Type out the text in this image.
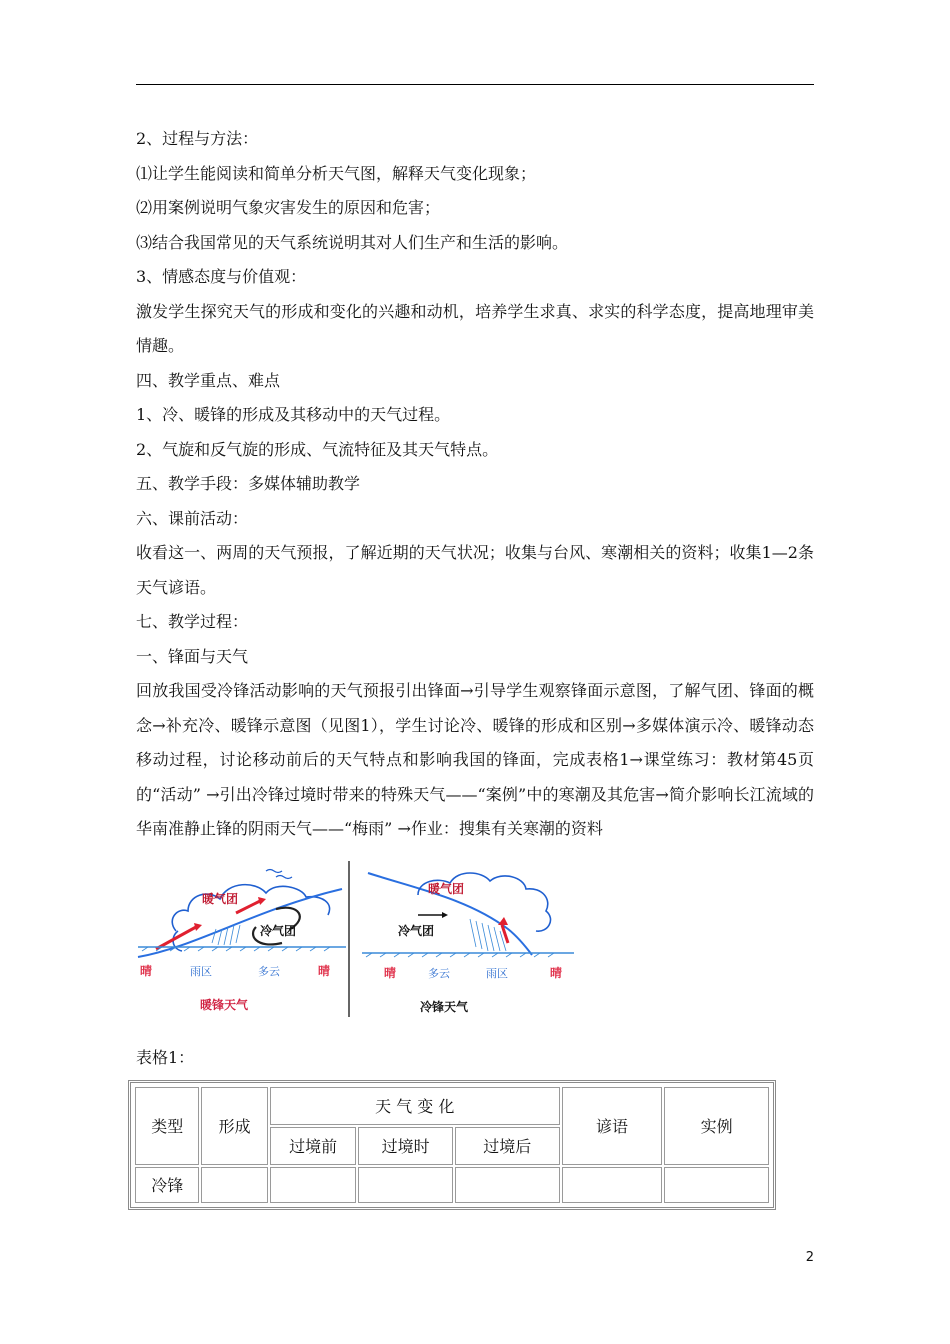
2、过程与方法：

⑴让学生能阅读和简单分析天气图，解释天气变化现象；

⑵用案例说明气象灾害发生的原因和危害；

⑶结合我国常见的天气系统说明其对人们生产和生活的影响。

3、情感态度与价值观：

激发学生探究天气的形成和变化的兴趣和动机，培养学生求真、求实的科学态度，提高地理审美情趣。

四、教学重点、难点

1、冷、暖锋的形成及其移动中的天气过程。

2、气旋和反气旋的形成、气流特征及其天气特点。

五、教学手段：多媒体辅助教学

六、课前活动：

收看这一、两周的天气预报，了解近期的天气状况；收集与台风、寒潮相关的资料；收集1—2条天气谚语。

七、教学过程：

一、锋面与天气

回放我国受冷锋活动影响的天气预报引出锋面→引导学生观察锋面示意图，了解气团、锋面的概念→补充冷、暖锋示意图（见图1），学生讨论冷、暖锋的形成和区别→多媒体演示冷、暖锋动态移动过程，讨论移动前后的天气特点和影响我国的锋面，完成表格1→课堂练习：教材第45页的“活动” →引出冷锋过境时带来的特殊天气——“案例”中的寒潮及其危害→简介影响长江流域的华南准静止锋的阴雨天气——“梅雨” →作业：搜集有关寒潮的资料

暖气团
冷气团
晴	雨区	多云	晴
暖锋天气
暖气团
冷气团
晴	多云	雨区	晴
冷锋天气
表格1：
类型	形成	天 气 变 化			谚语	实例
		过境前	过境时	过境后		
冷锋						
2
